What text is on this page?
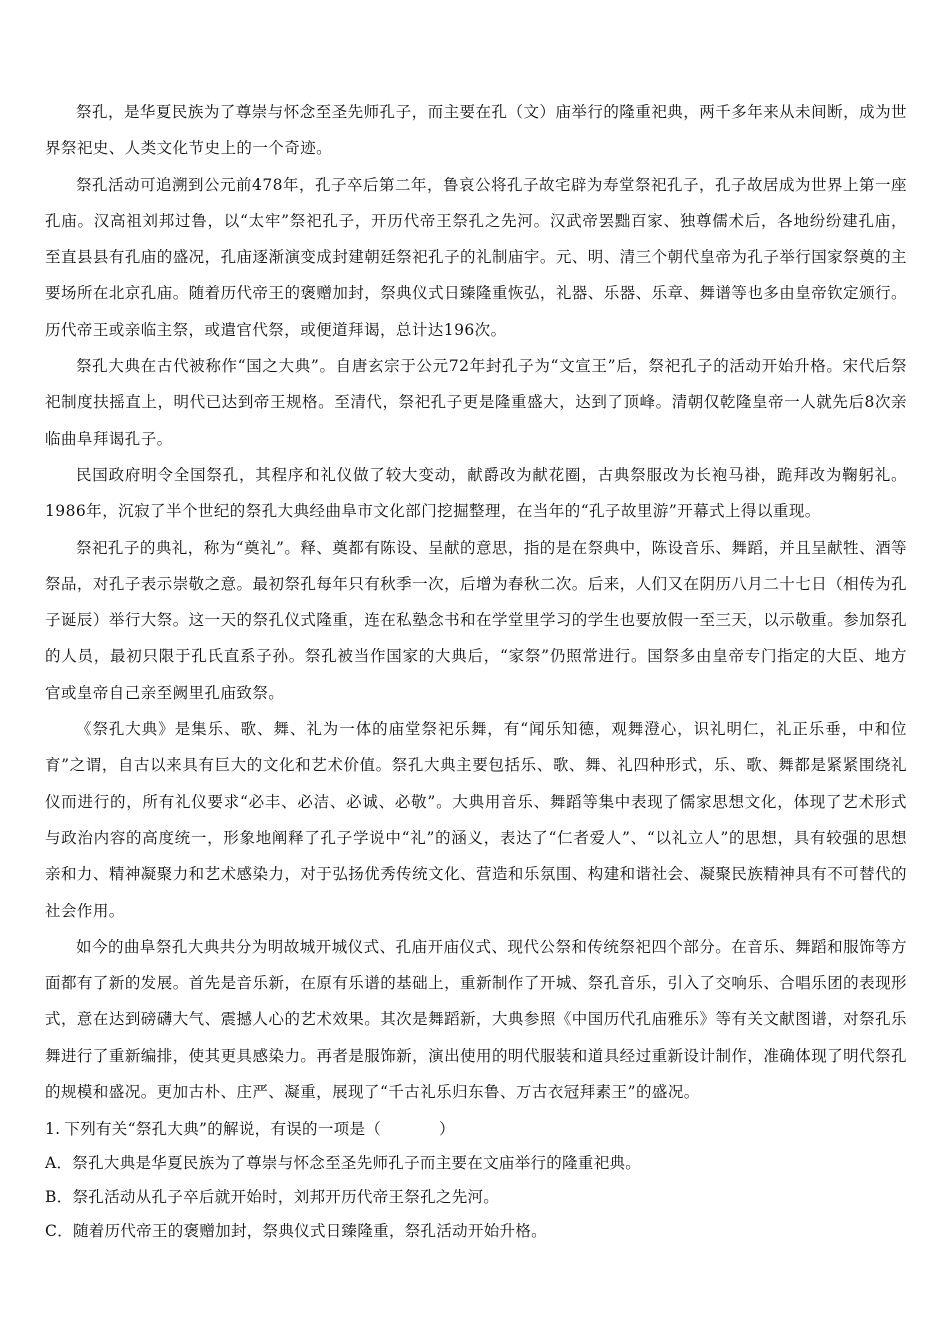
祭孔，是华夏民族为了尊崇与怀念至圣先师孔子，而主要在孔（文）庙举行的隆重祀典，两千多年来从未间断，成为世界祭祀史、人类文化节史上的一个奇迹。

祭孔活动可追溯到公元前478年，孔子卒后第二年，鲁哀公将孔子故宅辟为寿堂祭祀孔子，孔子故居成为世界上第一座孔庙。汉高祖刘邦过鲁，以“太牢”祭祀孔子，开历代帝王祭孔之先河。汉武帝罢黜百家、独尊儒术后，各地纷纷建孔庙，至直县县有孔庙的盛况，孔庙逐渐演变成封建朝廷祭祀孔子的礼制庙宇。元、明、清三个朝代皇帝为孔子举行国家祭奠的主要场所在北京孔庙。随着历代帝王的褒赠加封，祭典仪式日臻隆重恢弘，礼器、乐器、乐章、舞谱等也多由皇帝钦定颁行。历代帝王或亲临主祭，或遣官代祭，或便道拜谒，总计达196次。

祭孔大典在古代被称作“国之大典”。自唐玄宗于公元72年封孔子为“文宣王”后，祭祀孔子的活动开始升格。宋代后祭祀制度扶摇直上，明代已达到帝王规格。至清代，祭祀孔子更是隆重盛大，达到了顶峰。清朝仅乾隆皇帝一人就先后8次亲临曲阜拜谒孔子。

民国政府明令全国祭孔，其程序和礼仪做了较大变动，献爵改为献花圈，古典祭服改为长袍马褂，跪拜改为鞠躬礼。1986年，沉寂了半个世纪的祭孔大典经曲阜市文化部门挖掘整理，在当年的“孔子故里游”开幕式上得以重现。

祭祀孔子的典礼，称为“奠礼”。释、奠都有陈设、呈献的意思，指的是在祭典中，陈设音乐、舞蹈，并且呈献牲、酒等祭品，对孔子表示崇敬之意。最初祭孔每年只有秋季一次，后增为春秋二次。后来，人们又在阴历八月二十七日（相传为孔子诞辰）举行大祭。这一天的祭孔仪式隆重，连在私塾念书和在学堂里学习的学生也要放假一至三天，以示敬重。参加祭孔的人员，最初只限于孔氏直系子孙。祭孔被当作国家的大典后，“家祭”仍照常进行。国祭多由皇帝专门指定的大臣、地方官或皇帝自己亲至阙里孔庙致祭。

《祭孔大典》是集乐、歌、舞、礼为一体的庙堂祭祀乐舞，有“闻乐知德，观舞澄心，识礼明仁，礼正乐垂，中和位育”之谓，自古以来具有巨大的文化和艺术价值。祭孔大典主要包括乐、歌、舞、礼四种形式，乐、歌、舞都是紧紧围绕礼仪而进行的，所有礼仪要求“必丰、必洁、必诚、必敬”。大典用音乐、舞蹈等集中表现了儒家思想文化，体现了艺术形式与政治内容的高度统一，形象地阐释了孔子学说中“礼”的涵义，表达了“仁者爱人”、“以礼立人”的思想，具有较强的思想亲和力、精神凝聚力和艺术感染力，对于弘扬优秀传统文化、营造和乐氛围、构建和谐社会、凝聚民族精神具有不可替代的社会作用。

如今的曲阜祭孔大典共分为明故城开城仪式、孔庙开庙仪式、现代公祭和传统祭祀四个部分。在音乐、舞蹈和服饰等方面都有了新的发展。首先是音乐新，在原有乐谱的基础上，重新制作了开城、祭孔音乐，引入了交响乐、合唱乐团的表现形式，意在达到磅礴大气、震撼人心的艺术效果。其次是舞蹈新，大典参照《中国历代孔庙雅乐》等有关文献图谱，对祭孔乐舞进行了重新编排，使其更具感染力。再者是服饰新，演出使用的明代服装和道具经过重新设计制作，准确体现了明代祭孔的规模和盛况。更加古朴、庄严、凝重，展现了“千古礼乐归东鲁、万古衣冠拜素王”的盛况。

1. 下列有关“祭孔大典”的解说，有误的一项是（	）

A．祭孔大典是华夏民族为了尊崇与怀念至圣先师孔子而主要在文庙举行的隆重祀典。

B．祭孔活动从孔子卒后就开始时，刘邦开历代帝王祭孔之先河。

C．随着历代帝王的褒赠加封，祭典仪式日臻隆重，祭孔活动开始升格。
